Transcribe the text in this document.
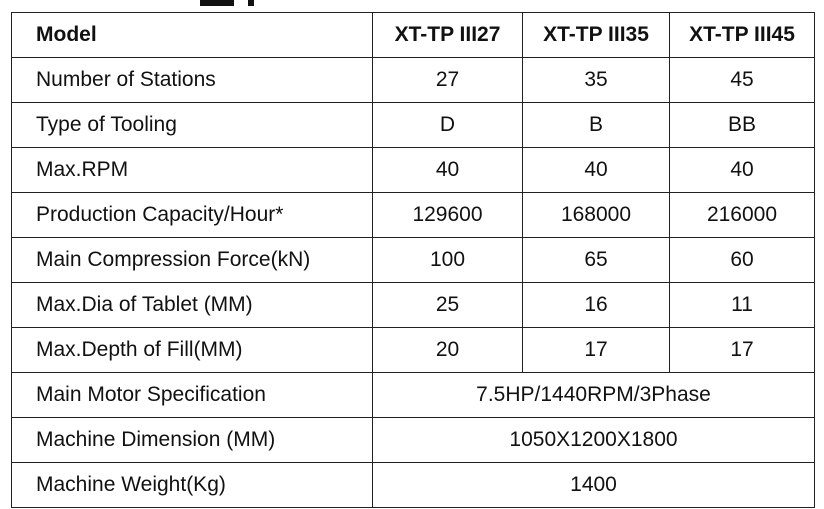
Model	XT-TP III27	XT-TP III35	XT-TP III45
Number of Stations	27	35	45
Type of Tooling	D	B	BB
Max.RPM	40	40	40
Production Capacity/Hour*	129600	168000	216000
Main Compression Force(kN)	100	65	60
Max.Dia of Tablet (MM)	25	16	11
Max.Depth of Fill(MM)	20	17	17
Main Motor Specification	7.5HP/1440RPM/3Phase		
Machine Dimension (MM)	1050X1200X1800		
Machine Weight(Kg)	1400		
